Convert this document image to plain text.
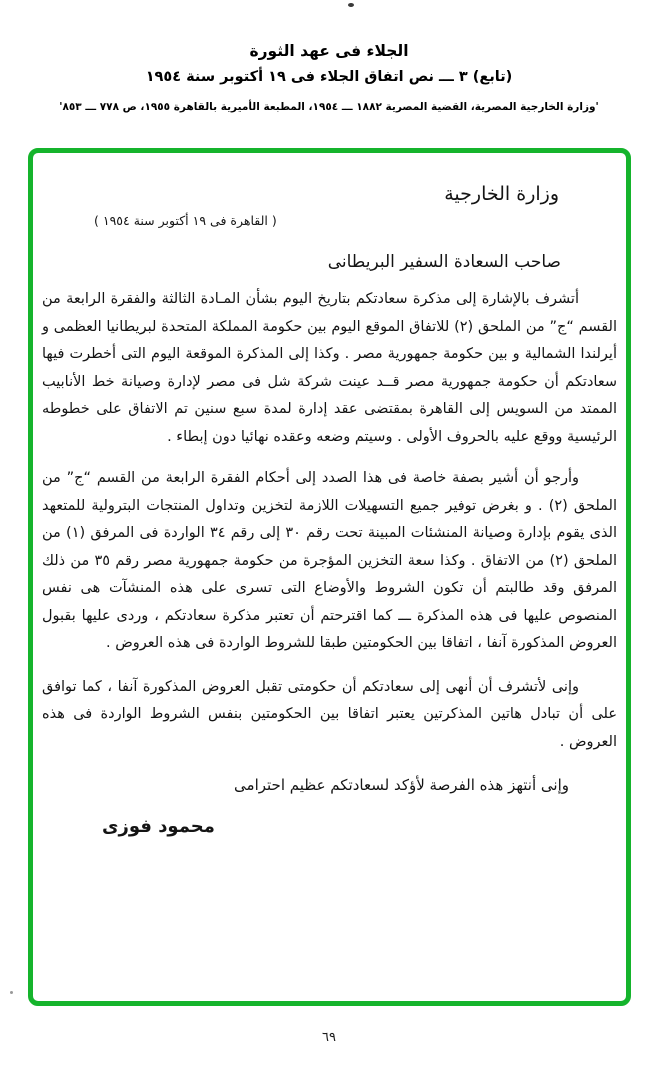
الجلاء فى عهد الثورة
(تابع) ٣ ـــ نص اتفاق الجلاء فى ١٩ أكتوبر سنة ١٩٥٤
'وزارة الخارجية المصرية، القضية المصرية ١٨٨٢ ـــ ١٩٥٤، المطبعة الأميرية بالقاهرة ١٩٥٥، ص ٧٧٨ ـــ ٨٥٣'
وزارة الخارجية
( القاهرة فى ١٩ أكتوبر سنة ١٩٥٤ )
صاحب السعادة السفير البريطانى

أتشرف بالإشارة إلى مذكرة سعادتكم بتاريخ اليوم بشأن المـادة الثالثة والفقرة الرابعة من القسم “ج” من الملحق (٢) للاتفاق الموقع اليوم بين حكومة المملكة المتحدة لبريطانيا العظمى و أيرلندا الشمالية و بين حكومة جمهورية مصر . وكذا إلى المذكرة الموقعة اليوم التى أخطرت فيها سعادتكم أن حكومة جمهورية مصر قــد عينت شركة شل فى مصر لإدارة وصيانة خط الأنابيب الممتد من السويس إلى القاهرة بمقتضى عقد إدارة لمدة سبع سنين تم الاتفاق على خطوطه الرئيسية ووقع عليه بالحروف الأولى . وسيتم وضعه وعقده نهائيا دون إبطاء .

وأرجو أن أشير بصفة خاصة فى هذا الصدد إلى أحكام الفقرة الرابعة من القسم “ج” من الملحق (٢) . و بغرض توفير جميع التسهيلات اللازمة لتخزين وتداول المنتجات البترولية للمتعهد الذى يقوم بإدارة وصيانة المنشئات المبينة تحت رقم ٣٠ إلى رقم ٣٤ الواردة فى المرفق (١) من الملحق (٢) من الاتفاق . وكذا سعة التخزين المؤجرة من حكومة جمهورية مصر رقم ٣٥ من ذلك المرفق وقد طالبتم أن تكون الشروط والأوضاع التى تسرى على هذه المنشآت هى نفس المنصوص عليها فى هذه المذكرة ـــ كما اقترحتم أن تعتبر مذكرة سعادتكم ، وردى عليها بقبول العروض المذكورة آنفا ، اتفاقا بين الحكومتين طبقا للشروط الواردة فى هذه العروض .

وإنى لأتشرف أن أنهى إلى سعادتكم أن حكومتى تقبل العروض المذكورة آنفا ، كما توافق على أن تبادل هاتين المذكرتين يعتبر اتفاقا بين الحكومتين بنفس الشروط الواردة فى هذه العروض .

وإنى أنتهز هذه الفرصة لأؤكد لسعادتكم عظيم احترامى
محمود فوزى
٦٩
